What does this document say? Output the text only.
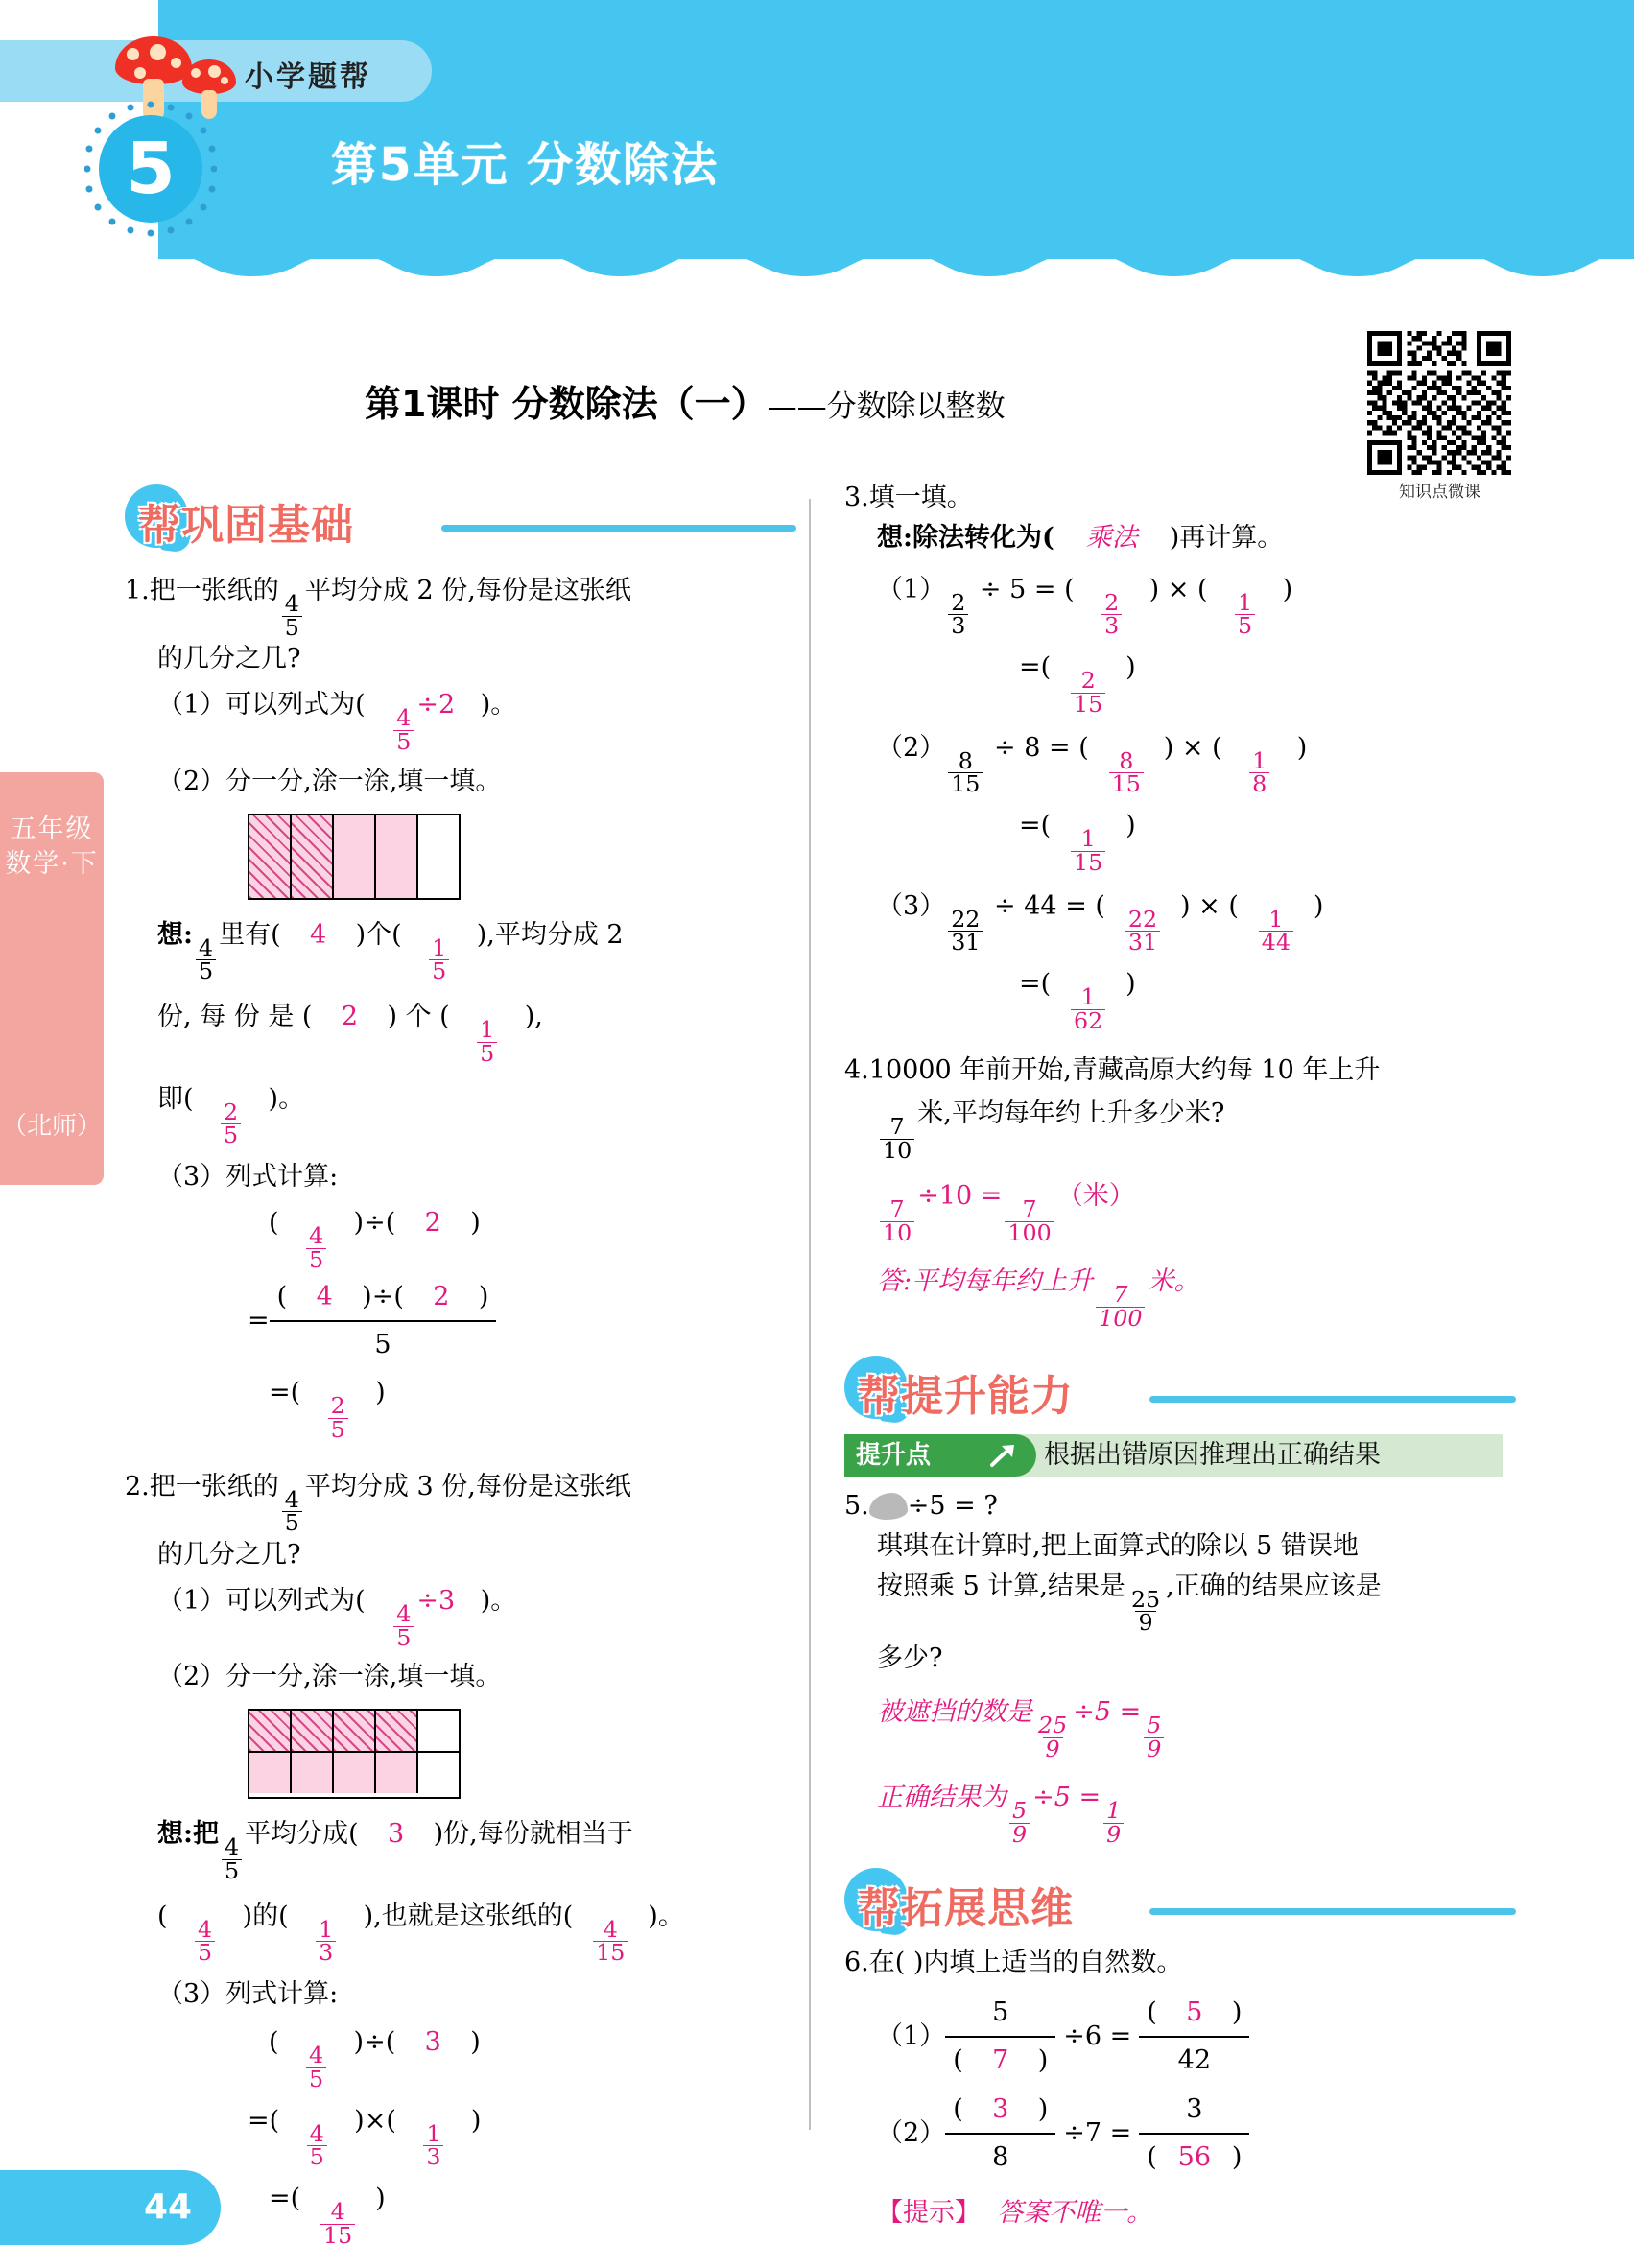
小学题帮
5	第5单元 分数除法
五年级数学·下
（北师）
44
第1课时 分数除法（一）——分数除以整数
知识点微课
帮巩固基础
1.把一张纸的
$\frac{4}{5}$
平均分成 2 份,每份是这张纸
的几分之几?
（1）可以列式为(
$\frac{4}{5}$
÷2 )。
（2）分一分,涂一涂,填一填。
想:
$\frac{4}{5}$
里有( 4 )个(
$\frac{1}{5}$
),平均分成 2
份, 每 份 是 ( 2 ) 个 (
$\frac{1}{5}$
),
即(
$\frac{2}{5}$
)。
（3）列式计算:
(
$\frac{4}{5}$
)÷( 2 )
= $\frac{( 4 )\div( 2 )}{5}$
=(
$\frac{2}{5}$
)
2.把一张纸的
$\frac{4}{5}$
平均分成 3 份,每份是这张纸
的几分之几?
（1）可以列式为(
$\frac{4}{5}$
÷3 )。
（2）分一分,涂一涂,填一填。
想:把
$\frac{4}{5}$
平均分成( 3 )份,每份就相当于
(
$\frac{4}{5}$
)的(
$\frac{1}{3}$
),也就是这张纸的(
$\frac{4}{15}$
)。
（3）列式计算:
(
$\frac{4}{5}$
)÷( 3 )
=(
$\frac{4}{5}$
)×(
$\frac{1}{3}$
)
=(
$\frac{4}{15}$
)
3.填一填。
想:除法转化为( 乘法 )再计算。
（1）
$\frac{2}{3}$
÷ 5 = (
$\frac{2}{3}$
) × (
$\frac{1}{5}$
)
=(
$\frac{2}{15}$
)
（2）
$\frac{8}{15}$
÷ 8 = (
$\frac{8}{15}$
) × (
$\frac{1}{8}$
)
=(
$\frac{1}{15}$
)
（3）
$\frac{22}{31}$
÷ 44 = (
$\frac{22}{31}$
) × (
$\frac{1}{44}$
)
=(
$\frac{1}{62}$
)
4.10000 年前开始,青藏高原大约每 10 年上升
$\frac{7}{10}$
米,平均每年约上升多少米?
$\frac{7}{10}$
÷10 =
$\frac{7}{100}$
（米）
答:平均每年约上升
$\frac{7}{100}$
米。
帮提升能力
提升点	根据出错原因推理出正确结果
5. ÷5 = ?
琪琪在计算时,把上面算式的除以 5 错误地
按照乘 5 计算,结果是
$\frac{25}{9}$
,正确的结果应该是
多少?
被遮挡的数是
$\frac{25}{9}$
÷5 =
$\frac{5}{9}$
正确结果为
$\frac{5}{9}$
÷5 =
$\frac{1}{9}$
帮拓展思维
6.在( )内填上适当的自然数。
$(1) \frac{5}{( 7 )} \div 6 = \frac{( 5 )}{42}$
$(2) \frac{( 3 )}{8} \div 7 = \frac{3}{( 56 )}$
【提示】 答案不唯一。
